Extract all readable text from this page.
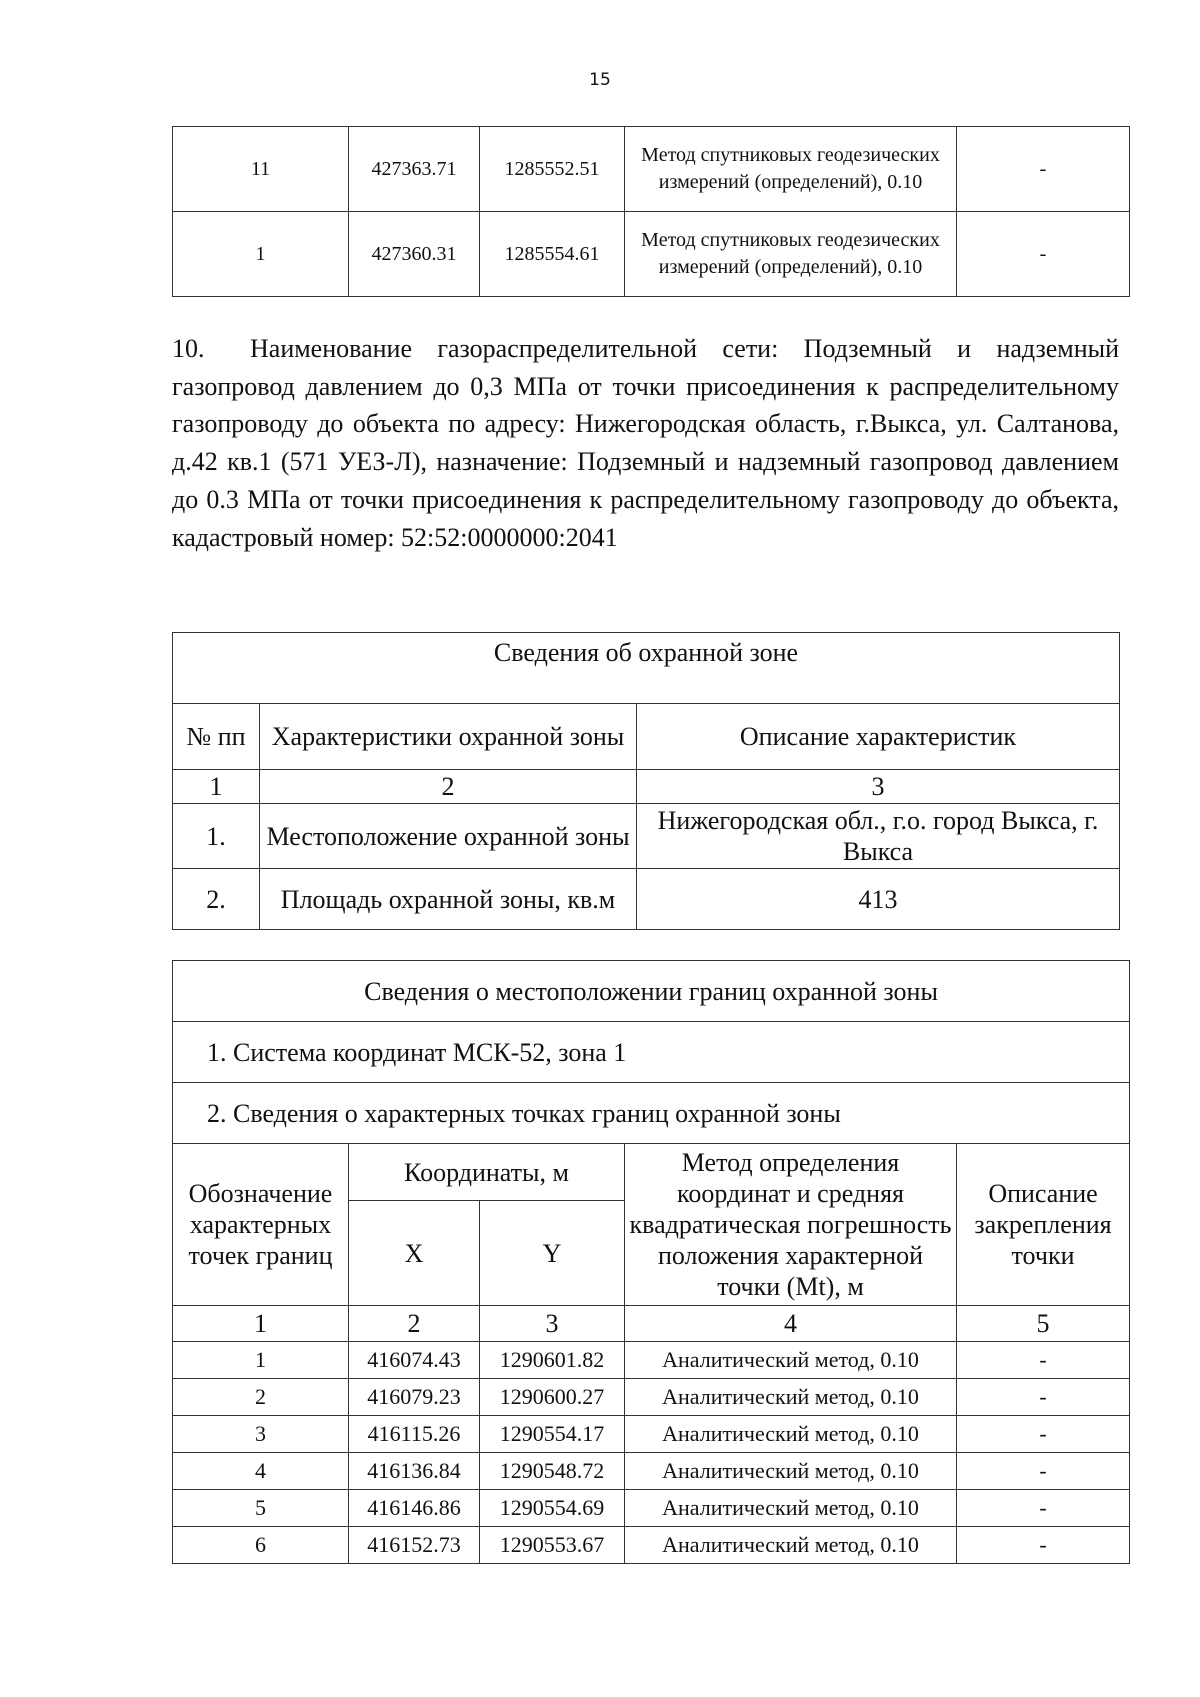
15
11	427363.71	1285552.51	Метод спутниковых геодезических измерений (определений), 0.10	-
1	427360.31	1285554.61	Метод спутниковых геодезических измерений (определений), 0.10	-
10. Наименование газораспределительной сети: Подземный и надземный газопровод давлением до 0,3 МПа от точки присоединения к распределительному газопроводу до объекта по адресу: Нижегородская область, г.Выкса, ул. Салтанова, д.42 кв.1 (571 УЕЗ-Л), назначение: Подземный и надземный газопровод давлением до 0.3 МПа от точки присоединения к распределительному газопроводу до объекта, кадастровый номер: 52:52:0000000:2041
Сведения об охранной зоне		
№ пп	Характеристики охранной зоны	Описание характеристик
1	2	3
1.	Местоположение охранной зоны	Нижегородская обл., г.о. город Выкса, г. Выкса
2.	Площадь охранной зоны, кв.м	413
Сведения о местоположении границ охранной зоны				
1. Система координат МСК-52, зона 1				
2. Сведения о характерных точках границ охранной зоны				
Обозначение характерных точек границ	Координаты, м		Метод определения координат и средняя квадратическая погрешность положения характерной точки (Mt), м	Описание закрепления точки
	X	Y		
1	2	3	4	5
1	416074.43	1290601.82	Аналитический метод, 0.10	-
2	416079.23	1290600.27	Аналитический метод, 0.10	-
3	416115.26	1290554.17	Аналитический метод, 0.10	-
4	416136.84	1290548.72	Аналитический метод, 0.10	-
5	416146.86	1290554.69	Аналитический метод, 0.10	-
6	416152.73	1290553.67	Аналитический метод, 0.10	-
